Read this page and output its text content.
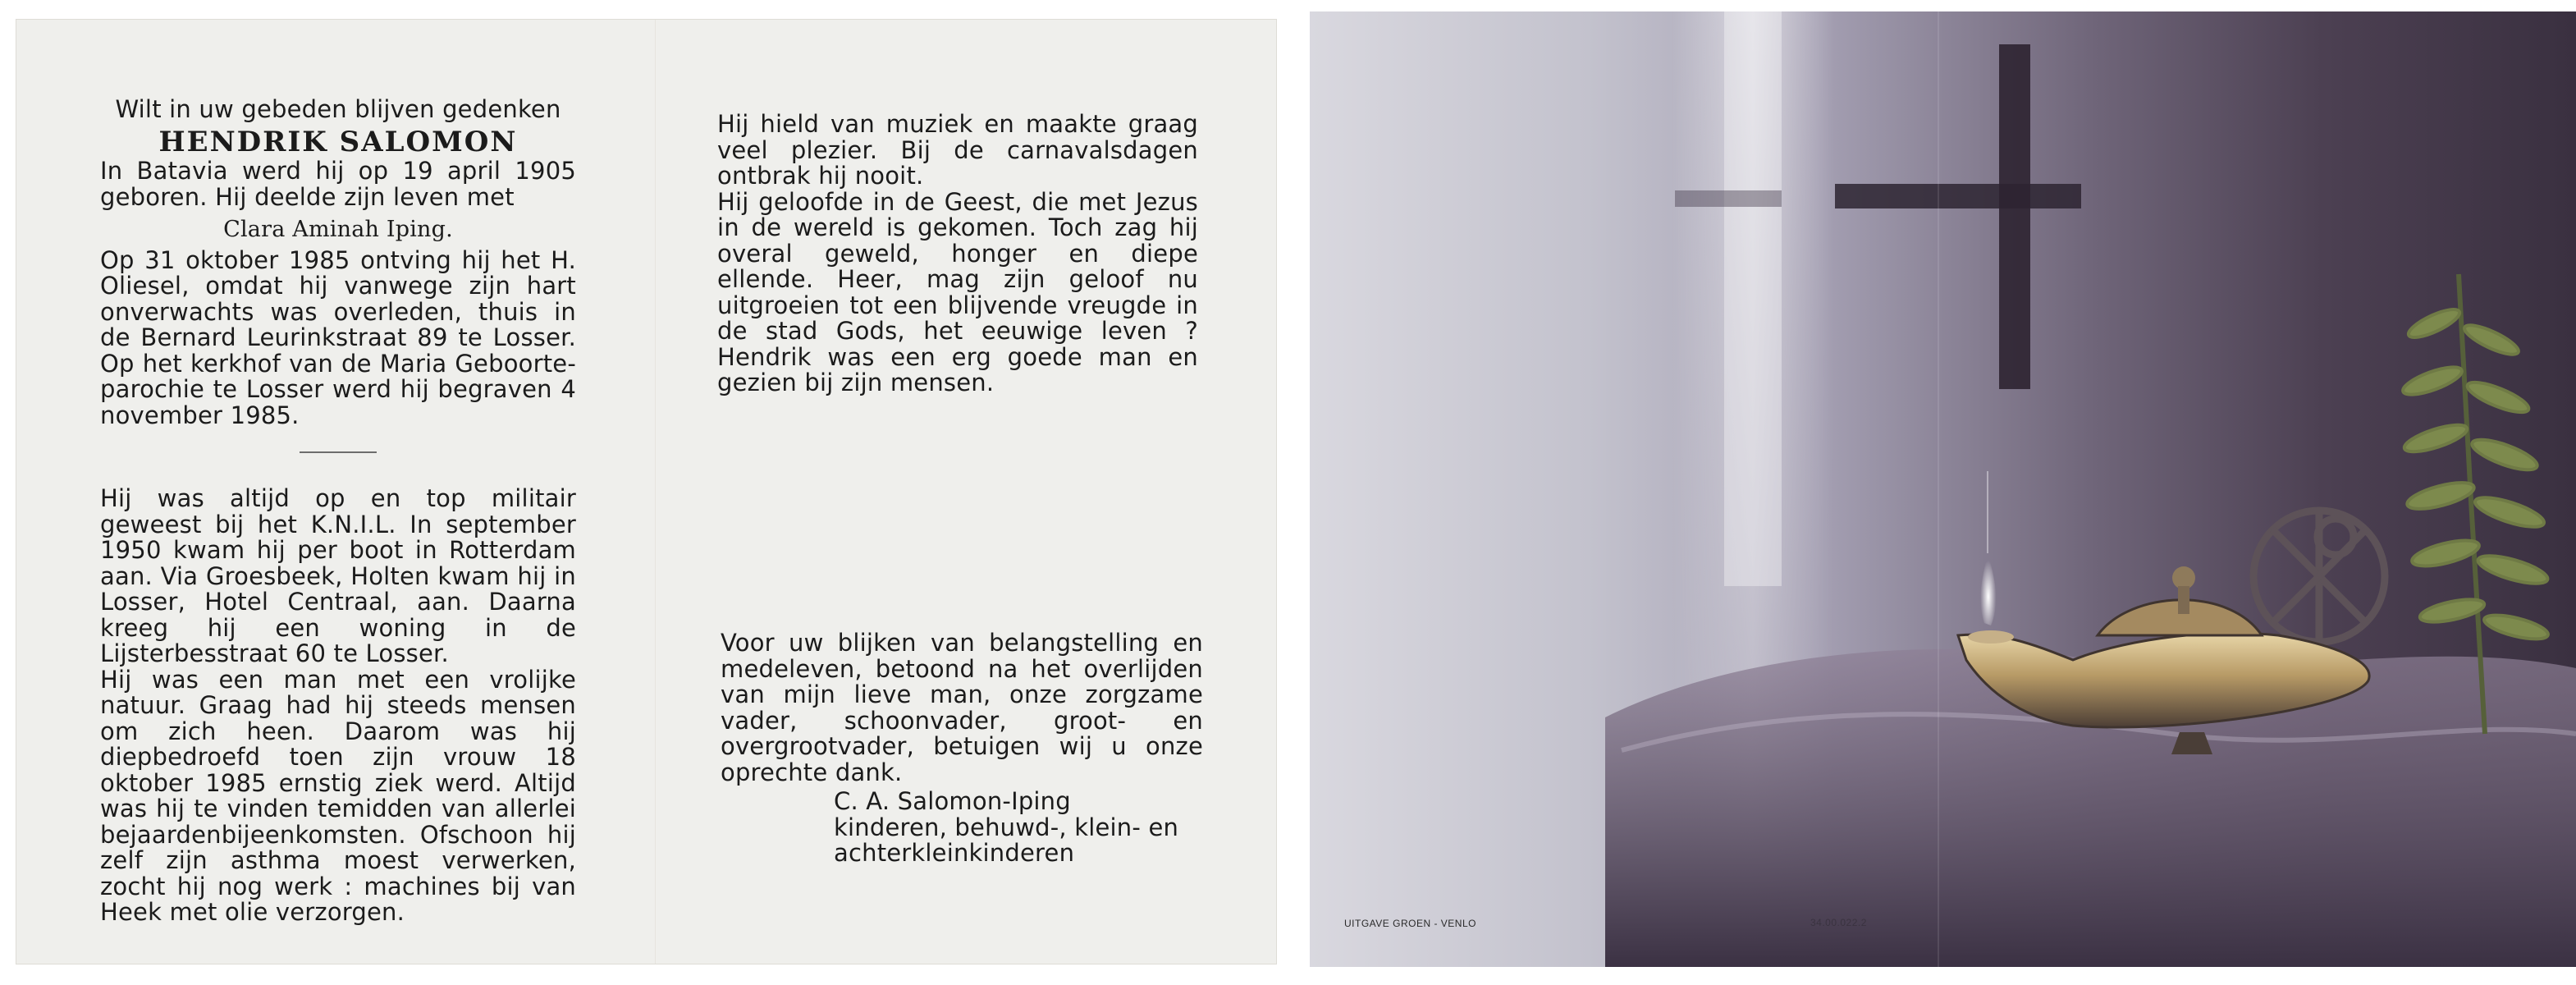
Wilt in uw gebeden blijven gedenken

HENDRIK SALOMON

In Batavia werd hij op 19 april 1905 geboren. Hij deelde zijn leven met

Clara Aminah Iping.

Op 31 oktober 1985 ontving hij het H. Oliesel, omdat hij vanwege zijn hart onverwachts was overleden, thuis in de Bernard Leurinkstraat 89 te Losser. Op het kerkhof van de Maria Geboorte-parochie te Losser werd hij begraven 4 november 1985.

Hij was altijd op en top militair geweest bij het K.N.I.L. In september 1950 kwam hij per boot in Rotterdam aan. Via Groesbeek, Holten kwam hij in Losser, Hotel Centraal, aan. Daarna kreeg hij een woning in de Lijsterbesstraat 60 te Losser.

Hij was een man met een vrolijke natuur. Graag had hij steeds mensen om zich heen. Daarom was hij diepbedroefd toen zijn vrouw 18 oktober 1985 ernstig ziek werd. Altijd was hij te vinden temidden van allerlei bejaardenbijeenkomsten. Ofschoon hij zelf zijn asthma moest verwerken, zocht hij nog werk : machines bij van Heek met olie verzorgen.

Hij hield van muziek en maakte graag veel plezier. Bij de carnavalsdagen ontbrak hij nooit.

Hij geloofde in de Geest, die met Jezus in de wereld is gekomen. Toch zag hij overal geweld, honger en diepe ellende. Heer, mag zijn geloof nu uitgroeien tot een blijvende vreugde in de stad Gods, het eeuwige leven ? Hendrik was een erg goede man en gezien bij zijn mensen.

Voor uw blijken van belangstelling en medeleven, betoond na het overlijden van mijn lieve man, onze zorgzame vader, schoonvader, groot- en overgrootvader, betuigen wij u onze oprechte dank.

C. A. Salomon-Iping

kinderen, behuwd-, klein- en

achterkleinkinderen

UITGAVE GROEN - VENLO	34.00.022.2
